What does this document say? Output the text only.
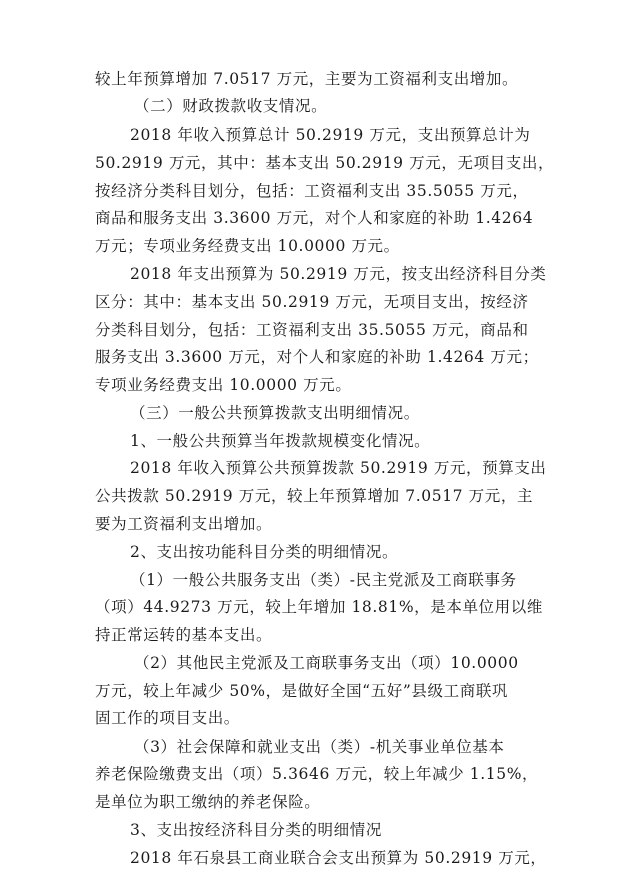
较上年预算增加 7.0517 万元，主要为工资福利支出增加。
（二）财政拨款收支情况。
2018 年收入预算总计 50.2919 万元，支出预算总计为
50.2919 万元，其中：基本支出 50.2919 万元，无项目支出，
按经济分类科目划分，包括：工资福利支出 35.5055 万元，
商品和服务支出 3.3600 万元，对个人和家庭的补助 1.4264
万元；专项业务经费支出 10.0000 万元。
2018 年支出预算为 50.2919 万元，按支出经济科目分类
区分：其中：基本支出 50.2919 万元，无项目支出，按经济
分类科目划分，包括：工资福利支出 35.5055 万元，商品和
服务支出 3.3600 万元，对个人和家庭的补助 1.4264 万元；
专项业务经费支出 10.0000 万元。
（三）一般公共预算拨款支出明细情况。
1、一般公共预算当年拨款规模变化情况。
2018 年收入预算公共预算拨款 50.2919 万元，预算支出
公共拨款 50.2919 万元，较上年预算增加 7.0517 万元，主
要为工资福利支出增加。
2、支出按功能科目分类的明细情况。
（1）一般公共服务支出（类）-民主党派及工商联事务
（项）44.9273 万元，较上年增加 18.81%，是本单位用以维
持正常运转的基本支出。
（2）其他民主党派及工商联事务支出（项）10.0000
万元，较上年减少 50%，是做好全国“五好”县级工商联巩
固工作的项目支出。
（3）社会保障和就业支出（类）-机关事业单位基本
养老保险缴费支出（项）5.3646 万元，较上年减少 1.15%，
是单位为职工缴纳的养老保险。
3、支出按经济科目分类的明细情况
2018 年石泉县工商业联合会支出预算为 50.2919 万元，
